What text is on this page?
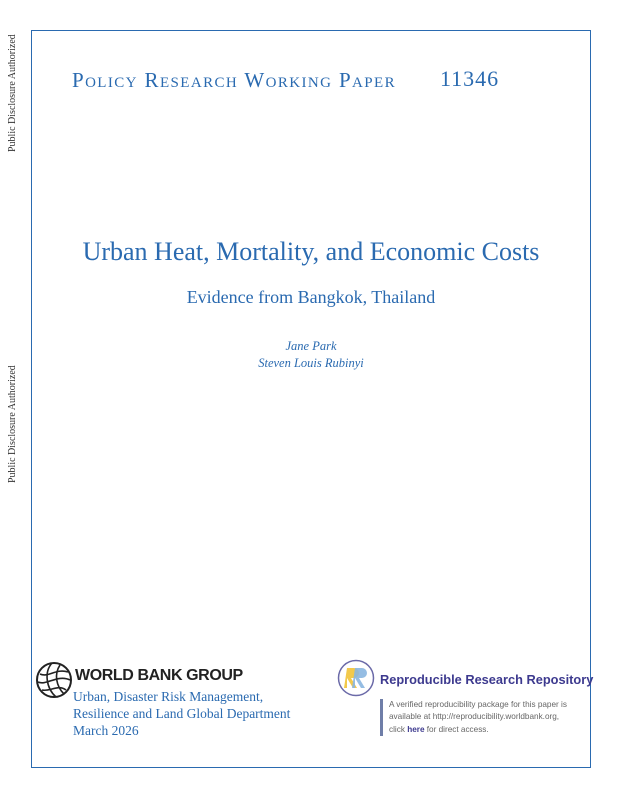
Public Disclosure Authorized
Public Disclosure Authorized
Policy Research Working Paper 11346
Urban Heat, Mortality, and Economic Costs
Evidence from Bangkok, Thailand
Jane Park
Steven Louis Rubinyi
WORLD BANK GROUP
Urban, Disaster Risk Management,
Resilience and Land Global Department
March 2026
Reproducible Research Repository
A verified reproducibility package for this paper is
available at http://reproducibility.worldbank.org,
click here for direct access.
